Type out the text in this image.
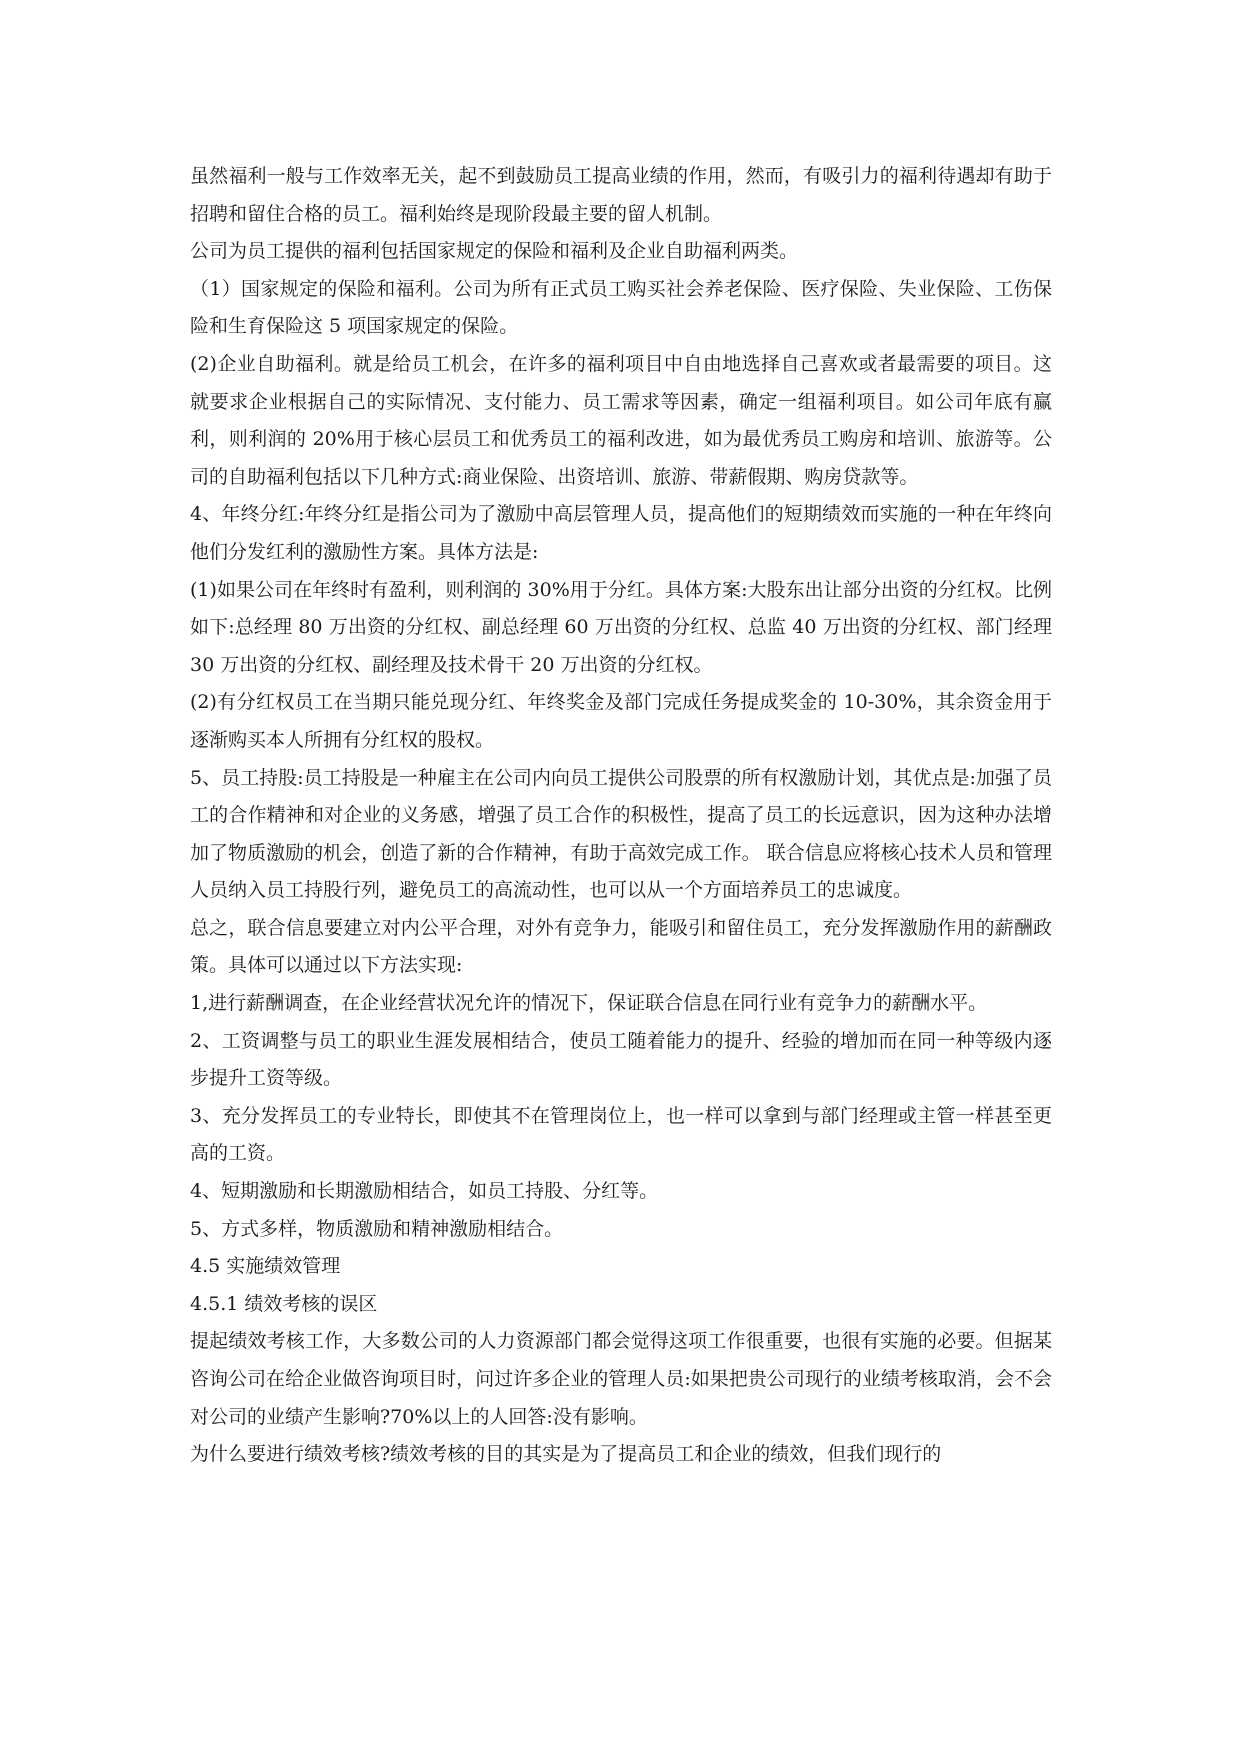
虽然福利一般与工作效率无关，起不到鼓励员工提高业绩的作用，然而，有吸引力的福利待遇却有助于招聘和留住合格的员工。福利始终是现阶段最主要的留人机制。

公司为员工提供的福利包括国家规定的保险和福利及企业自助福利两类。

（1）国家规定的保险和福利。公司为所有正式员工购买社会养老保险、医疗保险、失业保险、工伤保险和生育保险这 5 项国家规定的保险。

(2)企业自助福利。就是给员工机会，在许多的福利项目中自由地选择自己喜欢或者最需要的项目。这就要求企业根据自己的实际情况、支付能力、员工需求等因素，确定一组福利项目。如公司年底有赢利，则利润的 20%用于核心层员工和优秀员工的福利改进，如为最优秀员工购房和培训、旅游等。公司的自助福利包括以下几种方式:商业保险、出资培训、旅游、带薪假期、购房贷款等。

4、年终分红:年终分红是指公司为了激励中高层管理人员，提高他们的短期绩效而实施的一种在年终向他们分发红利的激励性方案。具体方法是:

(1)如果公司在年终时有盈利，则利润的 30%用于分红。具体方案:大股东出让部分出资的分红权。比例如下:总经理 80 万出资的分红权、副总经理 60 万出资的分红权、总监 40 万出资的分红权、部门经理 30 万出资的分红权、副经理及技术骨干 20 万出资的分红权。

(2)有分红权员工在当期只能兑现分红、年终奖金及部门完成任务提成奖金的 10-30%，其余资金用于逐渐购买本人所拥有分红权的股权。

5、员工持股:员工持股是一种雇主在公司内向员工提供公司股票的所有权激励计划，其优点是:加强了员工的合作精神和对企业的义务感，增强了员工合作的积极性，提高了员工的长远意识，因为这种办法增加了物质激励的机会，创造了新的合作精神，有助于高效完成工作。 联合信息应将核心技术人员和管理人员纳入员工持股行列，避免员工的高流动性，也可以从一个方面培养员工的忠诚度。

总之，联合信息要建立对内公平合理，对外有竞争力，能吸引和留住员工，充分发挥激励作用的薪酬政策。具体可以通过以下方法实现:

1,进行薪酬调查，在企业经营状况允许的情况下，保证联合信息在同行业有竞争力的薪酬水平。

2、工资调整与员工的职业生涯发展相结合，使员工随着能力的提升、经验的增加而在同一种等级内逐步提升工资等级。

3、充分发挥员工的专业特长，即使其不在管理岗位上，也一样可以拿到与部门经理或主管一样甚至更高的工资。

4、短期激励和长期激励相结合，如员工持股、分红等。

5、方式多样，物质激励和精神激励相结合。

4.5 实施绩效管理

4.5.1 绩效考核的误区

提起绩效考核工作，大多数公司的人力资源部门都会觉得这项工作很重要，也很有实施的必要。但据某咨询公司在给企业做咨询项目时，问过许多企业的管理人员:如果把贵公司现行的业绩考核取消，会不会对公司的业绩产生影响?70%以上的人回答:没有影响。

为什么要进行绩效考核?绩效考核的目的其实是为了提高员工和企业的绩效，但我们现行的
